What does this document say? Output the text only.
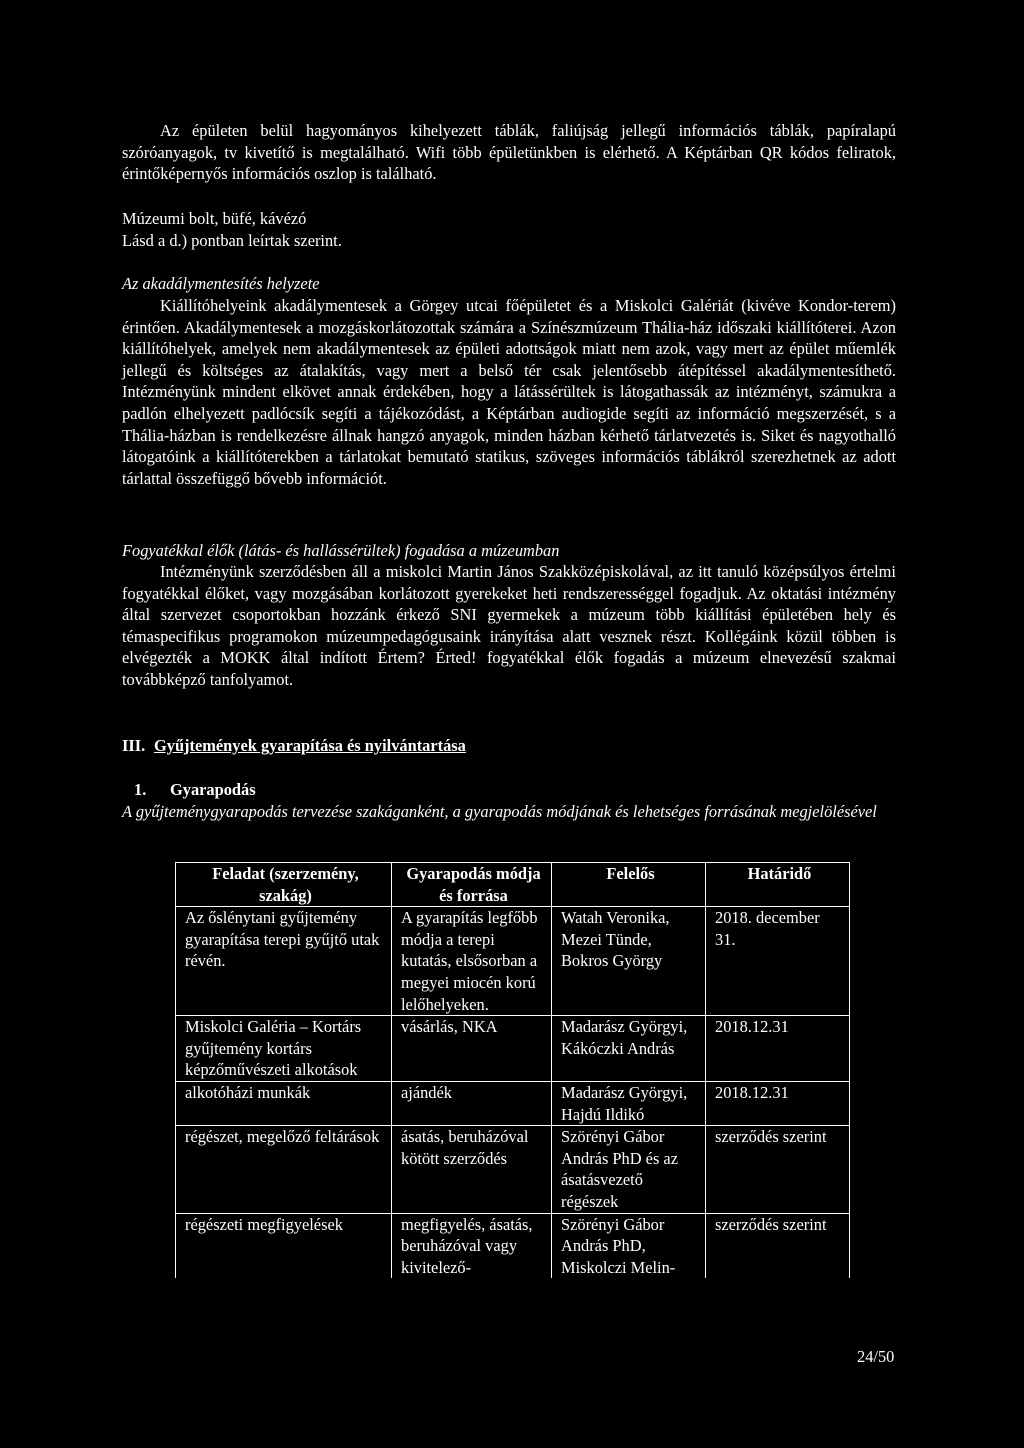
Az épületen belül hagyományos kihelyezett táblák, faliújság jellegű információs táblák, papíralapú szóróanyagok, tv kivetítő is megtalálható. Wifi több épületünkben is elérhető. A Képtárban QR kódos feliratok, érintőképernyős információs oszlop is található.

Múzeumi bolt, büfé, kávézó

Lásd a d.) pontban leírtak szerint.

Az akadálymentesítés helyzete

Kiállítóhelyeink akadálymentesek a Görgey utcai főépületet és a Miskolci Galériát (kivéve Kondor-terem) érintően. Akadálymentesek a mozgáskorlátozottak számára a Színészmúzeum Thália-ház időszaki kiállítóterei. Azon kiállítóhelyek, amelyek nem akadálymentesek az épületi adottságok miatt nem azok, vagy mert az épület műemlék jellegű és költséges az átalakítás, vagy mert a belső tér csak jelentősebb átépítéssel akadálymentesíthető. Intézményünk mindent elkövet annak érdekében, hogy a látássérültek is látogathassák az intézményt, számukra a padlón elhelyezett padlócsík segíti a tájékozódást, a Képtárban audiogide segíti az információ megszerzését, s a Thália-házban is rendelkezésre állnak hangzó anyagok, minden házban kérhető tárlatvezetés is. Siket és nagyothalló látogatóink a kiállítóterekben a tárlatokat bemutató statikus, szöveges információs táblákról szerezhetnek az adott tárlattal összefüggő bővebb információt.

Fogyatékkal élők (látás- és hallássérültek) fogadása a múzeumban

Intézményünk szerződésben áll a miskolci Martin János Szakközépiskolával, az itt tanuló középsúlyos értelmi fogyatékkal élőket, vagy mozgásában korlátozott gyerekeket heti rendszerességgel fogadjuk. Az oktatási intézmény által szervezet csoportokban hozzánk érkező SNI gyermekek a múzeum több kiállítási épületében hely és témaspecifikus programokon múzeumpedagógusaink irányítása alatt vesznek részt. Kollégáink közül többen is elvégezték a MOKK által indított Értem? Érted! fogyatékkal élők fogadás a múzeum elnevezésű szakmai továbbképző tanfolyamot.

III. Gyűjtemények gyarapítása és nyilvántartása
1. Gyarapodás

A gyűjteménygyarapodás tervezése szakáganként, a gyarapodás módjának és lehetséges forrásának megjelölésével

Feladat (szerzemény, szakág)	Gyarapodás módja és forrása	Felelős	Határidő
Az őslénytani gyűjtemény gyarapítása terepi gyűjtő utak révén.	A gyarapítás legfőbb módja a terepi kutatás, elsősorban a megyei miocén korú lelőhelyeken.	Watah Veronika, Mezei Tünde, Bokros György	2018. december 31.
Miskolci Galéria – Kortárs gyűjtemény kortárs képzőművészeti alkotások	vásárlás, NKA	Madarász Györgyi, Kákóczki András	2018.12.31
alkotóházi munkák	ajándék	Madarász Györgyi, Hajdú Ildikó	2018.12.31
régészet, megelőző feltárások	ásatás, beruházóval kötött szerződés	Szörényi Gábor András PhD és az ásatásvezető régészek	szerződés szerint
régészeti megfigyelések	megfigyelés, ásatás, beruházóval vagy kivitelező-	Szörényi Gábor András PhD, Miskolczi Melin-	szerződés szerint
24/50
